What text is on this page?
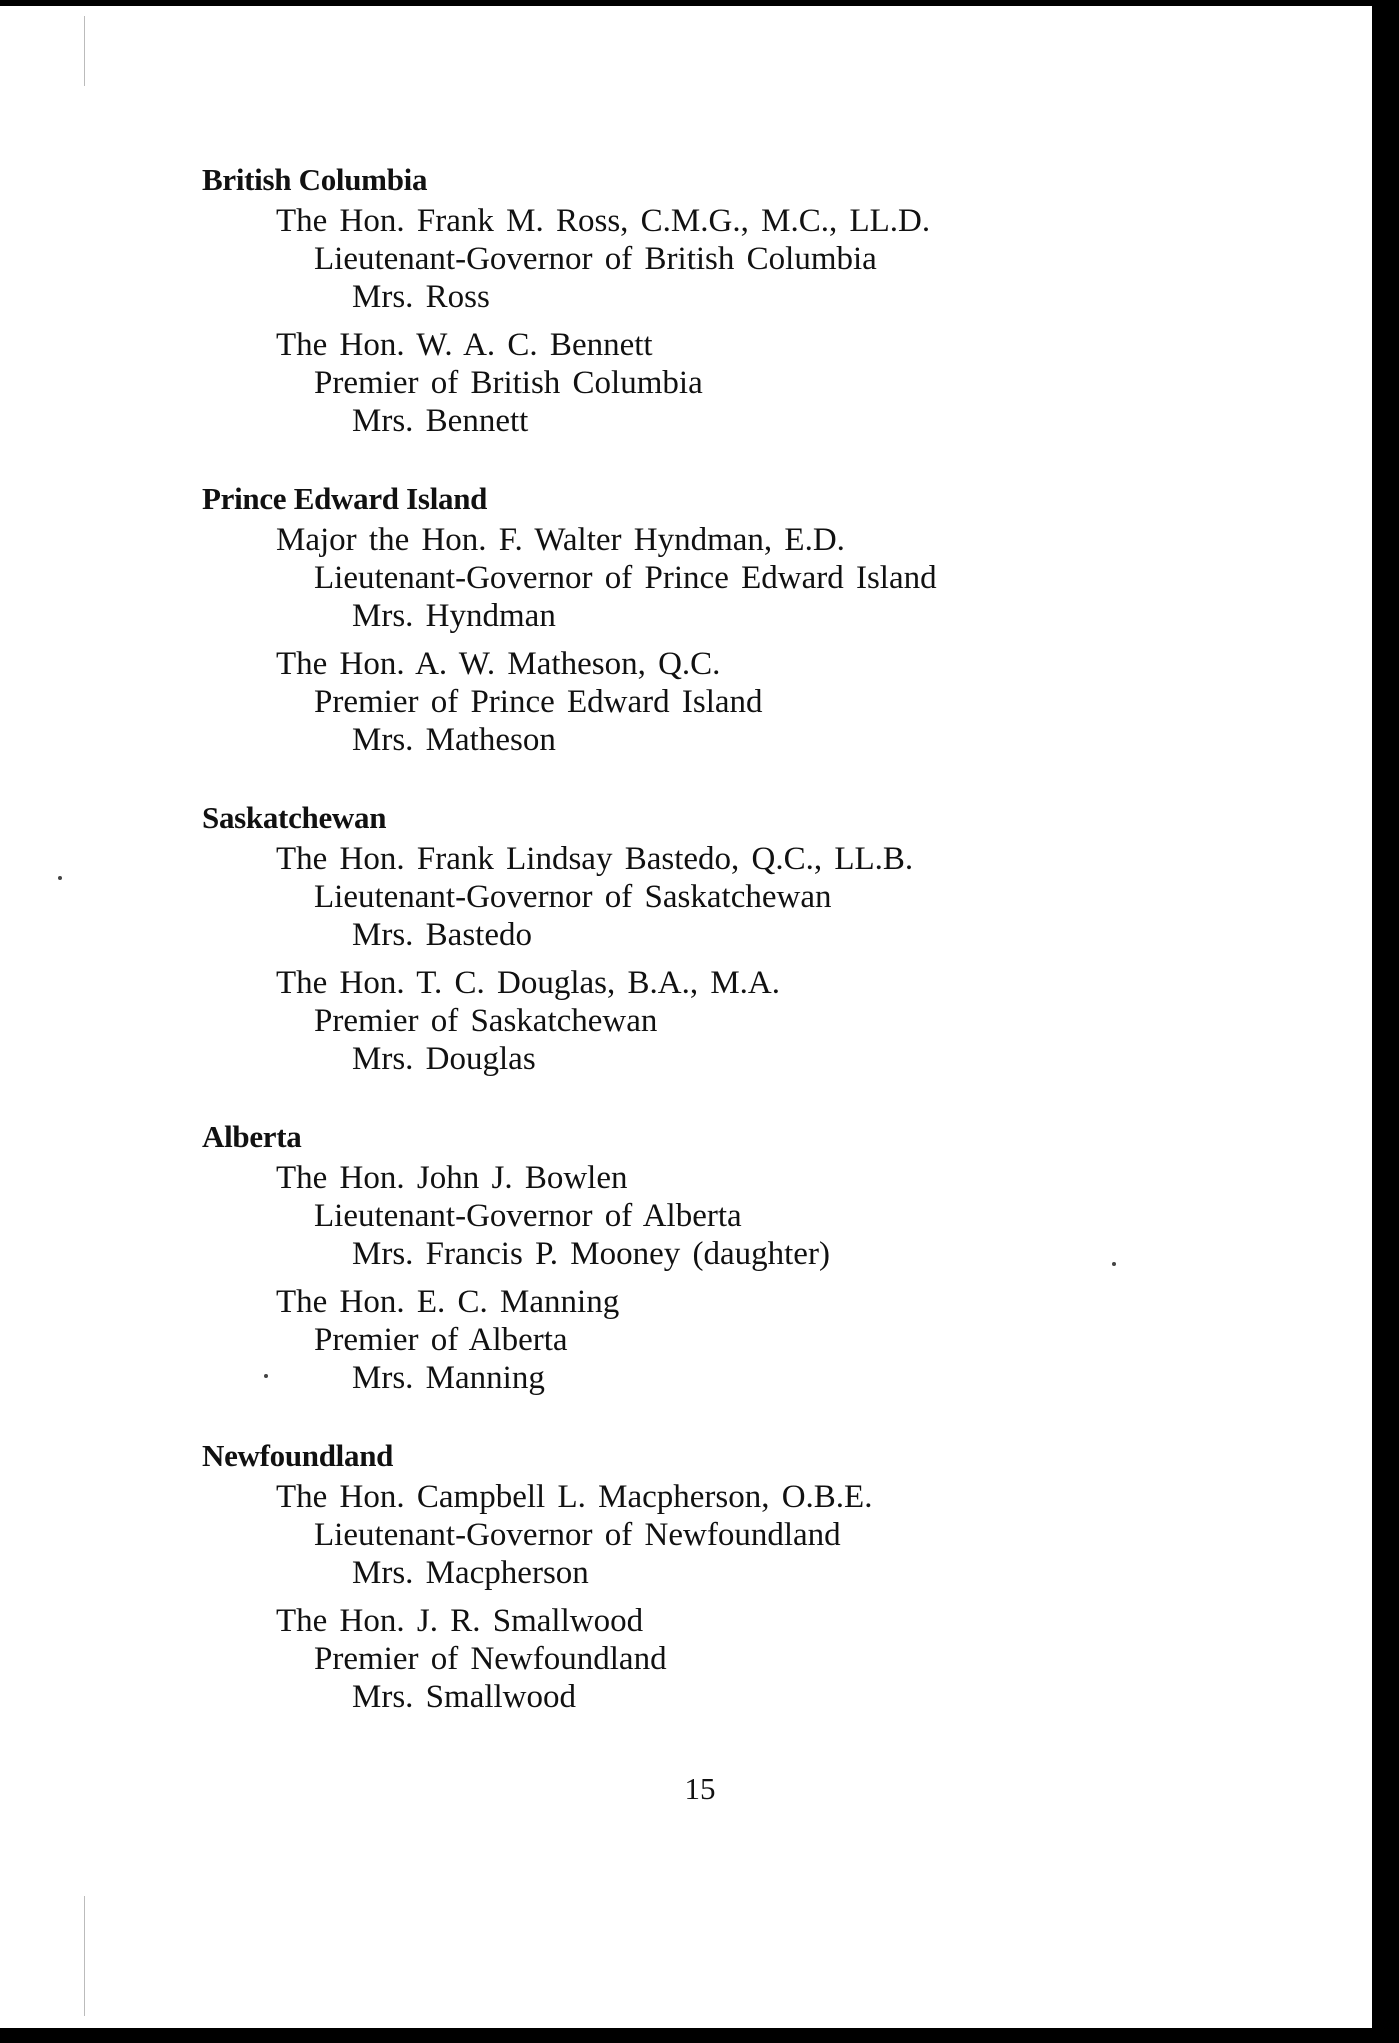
British Columbia
The Hon. Frank M. Ross, C.M.G., M.C., LL.D.
Lieutenant-Governor of British Columbia
Mrs. Ross
The Hon. W. A. C. Bennett
Premier of British Columbia
Mrs. Bennett
Prince Edward Island
Major the Hon. F. Walter Hyndman, E.D.
Lieutenant-Governor of Prince Edward Island
Mrs. Hyndman
The Hon. A. W. Matheson, Q.C.
Premier of Prince Edward Island
Mrs. Matheson
Saskatchewan
The Hon. Frank Lindsay Bastedo, Q.C., LL.B.
Lieutenant-Governor of Saskatchewan
Mrs. Bastedo
The Hon. T. C. Douglas, B.A., M.A.
Premier of Saskatchewan
Mrs. Douglas
Alberta
The Hon. John J. Bowlen
Lieutenant-Governor of Alberta
Mrs. Francis P. Mooney (daughter)
The Hon. E. C. Manning
Premier of Alberta
Mrs. Manning
Newfoundland
The Hon. Campbell L. Macpherson, O.B.E.
Lieutenant-Governor of Newfoundland
Mrs. Macpherson
The Hon. J. R. Smallwood
Premier of Newfoundland
Mrs. Smallwood
15
